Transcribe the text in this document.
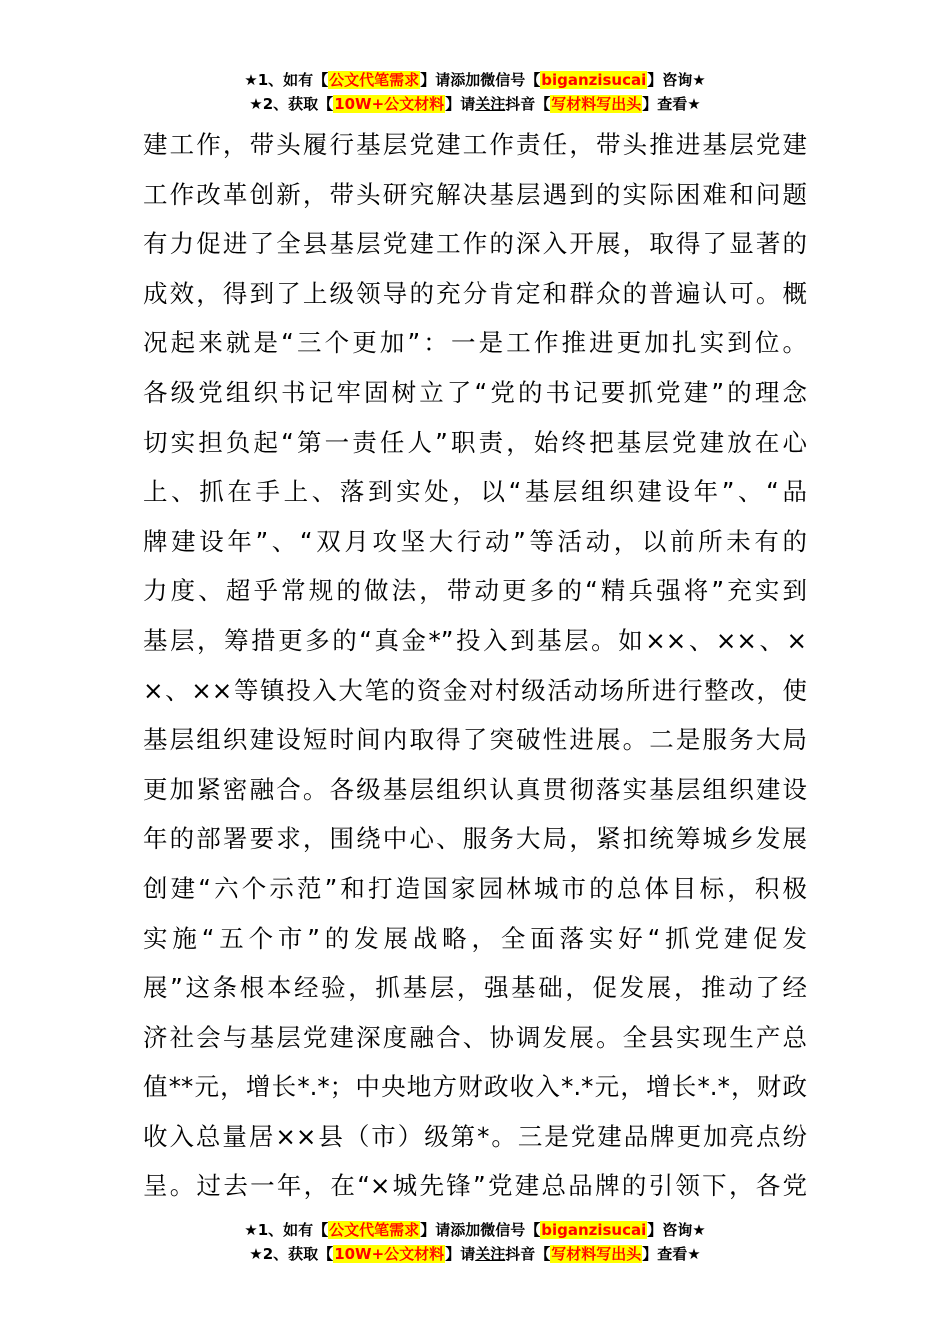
★1、如有【公文代笔需求】请添加微信号【biganzisucai】咨询★
★2、获取【10W+公文材料】请关注抖音【写材料写出头】查看★
建工作，带头履行基层党建工作责任，带头推进基层党建
工作改革创新，带头研究解决基层遇到的实际困难和问题
有力促进了全县基层党建工作的深入开展，取得了显著的
成效，得到了上级领导的充分肯定和群众的普遍认可。概
况起来就是“三个更加”：一是工作推进更加扎实到位。
各级党组织书记牢固树立了“党的书记要抓党建”的理念
切实担负起“第一责任人”职责，始终把基层党建放在心
上、抓在手上、落到实处，以“基层组织建设年”、“品
牌建设年”、“双月攻坚大行动”等活动，以前所未有的
力度、超乎常规的做法，带动更多的“精兵强将”充实到
基层，筹措更多的“真金*”投入到基层。如××、××、×
×、××等镇投入大笔的资金对村级活动场所进行整改，使
基层组织建设短时间内取得了突破性进展。二是服务大局
更加紧密融合。各级基层组织认真贯彻落实基层组织建设
年的部署要求，围绕中心、服务大局，紧扣统筹城乡发展
创建“六个示范”和打造国家园林城市的总体目标，积极
实施“五个市”的发展战略，全面落实好“抓党建促发
展”这条根本经验，抓基层，强基础，促发展，推动了经
济社会与基层党建深度融合、协调发展。全县实现生产总
值**元，增长*.*；中央地方财政收入*.*元，增长*.*，财政
收入总量居××县（市）级第*。三是党建品牌更加亮点纷
呈。过去一年，在“×城先锋”党建总品牌的引领下，各党
★1、如有【公文代笔需求】请添加微信号【biganzisucai】咨询★
★2、获取【10W+公文材料】请关注抖音【写材料写出头】查看★
